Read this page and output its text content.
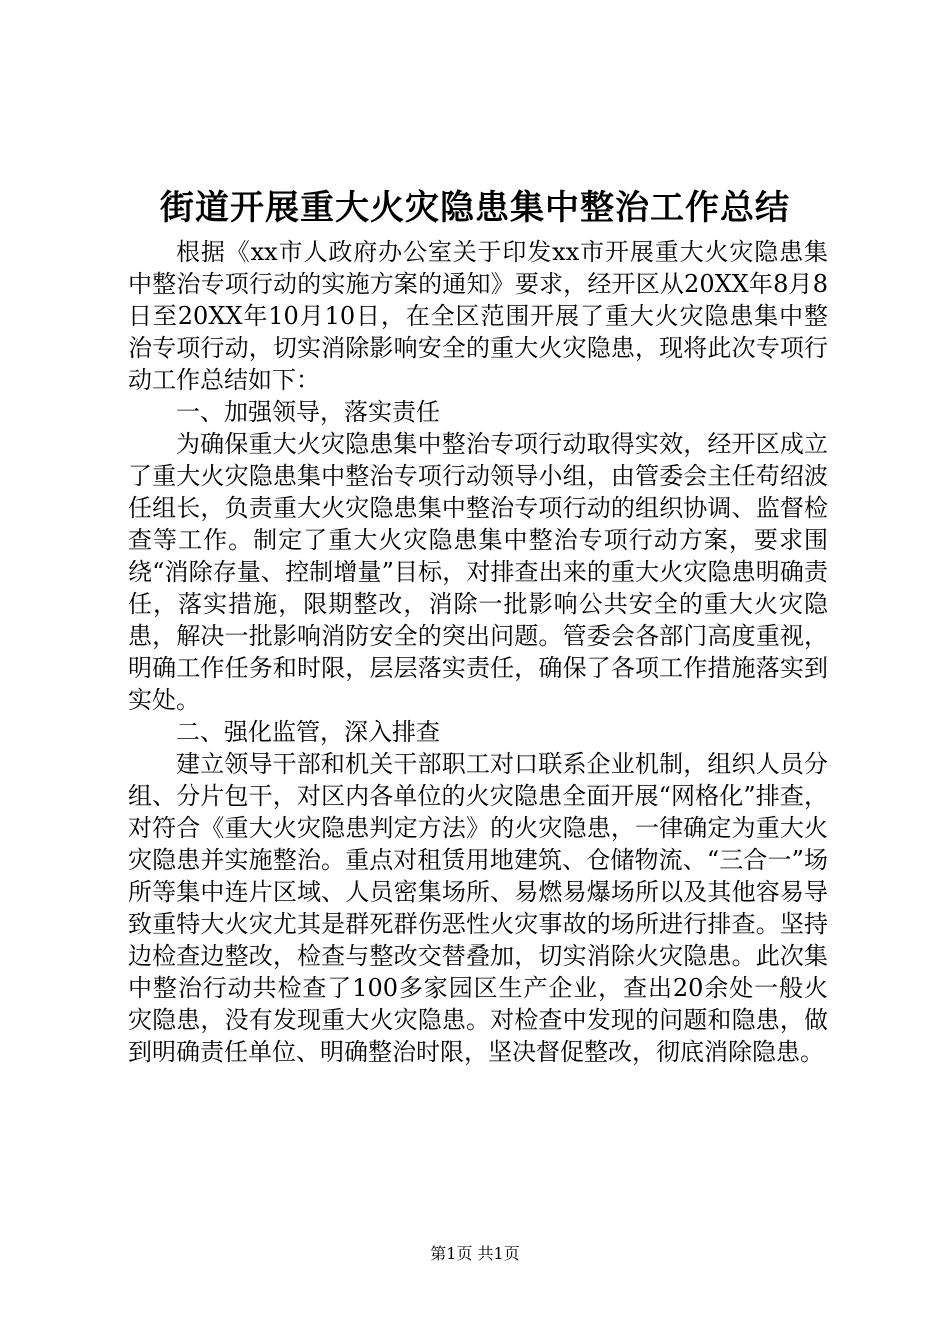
街道开展重大火灾隐患集中整治工作总结

根据《xx市人政府办公室关于印发xx市开展重大火灾隐患集中整治专项行动的实施方案的通知》要求，经开区从20XX年8月8日至20XX年10月10日，在全区范围开展了重大火灾隐患集中整治专项行动，切实消除影响安全的重大火灾隐患，现将此次专项行动工作总结如下：

一、加强领导，落实责任

为确保重大火灾隐患集中整治专项行动取得实效，经开区成立了重大火灾隐患集中整治专项行动领导小组，由管委会主任苟绍波任组长，负责重大火灾隐患集中整治专项行动的组织协调、监督检查等工作。制定了重大火灾隐患集中整治专项行动方案，要求围绕“消除存量、控制增量”目标，对排查出来的重大火灾隐患明确责任，落实措施，限期整改，消除一批影响公共安全的重大火灾隐患，解决一批影响消防安全的突出问题。管委会各部门高度重视，明确工作任务和时限，层层落实责任，确保了各项工作措施落实到实处。

二、强化监管，深入排查

建立领导干部和机关干部职工对口联系企业机制，组织人员分组、分片包干，对区内各单位的火灾隐患全面开展“网格化”排查，对符合《重大火灾隐患判定方法》的火灾隐患，一律确定为重大火灾隐患并实施整治。重点对租赁用地建筑、仓储物流、“三合一”场所等集中连片区域、人员密集场所、易燃易爆场所以及其他容易导致重特大火灾尤其是群死群伤恶性火灾事故的场所进行排查。坚持边检查边整改，检查与整改交替叠加，切实消除火灾隐患。此次集中整治行动共检查了100多家园区生产企业，查出20余处一般火灾隐患，没有发现重大火灾隐患。对检查中发现的问题和隐患，做到明确责任单位、明确整治时限，坚决督促整改，彻底消除隐患。

第1页 共1页
